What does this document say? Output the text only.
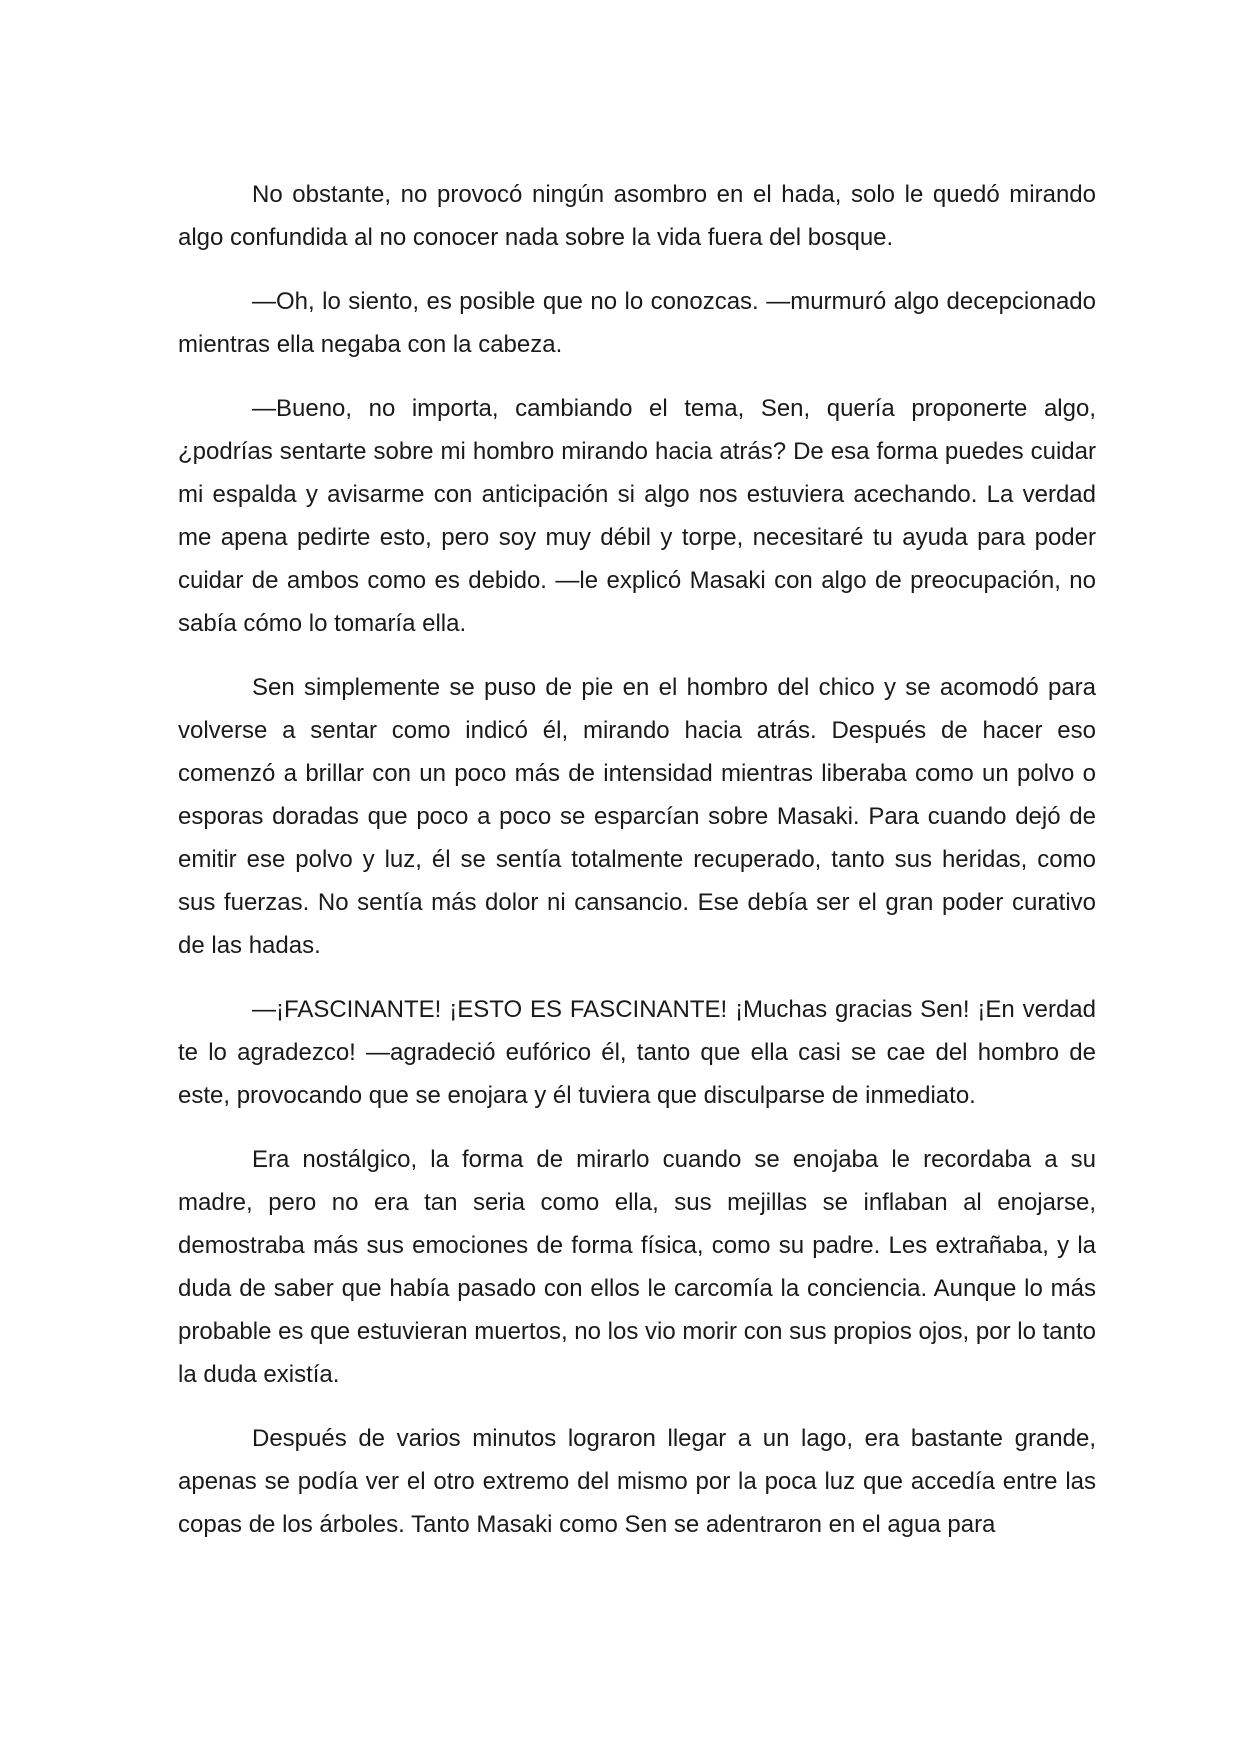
No obstante, no provocó ningún asombro en el hada, solo le quedó mirando algo confundida al no conocer nada sobre la vida fuera del bosque.

—Oh, lo siento, es posible que no lo conozcas. —murmuró algo decepcionado mientras ella negaba con la cabeza.

—Bueno, no importa, cambiando el tema, Sen, quería proponerte algo, ¿podrías sentarte sobre mi hombro mirando hacia atrás? De esa forma puedes cuidar mi espalda y avisarme con anticipación si algo nos estuviera acechando. La verdad me apena pedirte esto, pero soy muy débil y torpe, necesitaré tu ayuda para poder cuidar de ambos como es debido. —le explicó Masaki con algo de preocupación, no sabía cómo lo tomaría ella.

Sen simplemente se puso de pie en el hombro del chico y se acomodó para volverse a sentar como indicó él, mirando hacia atrás. Después de hacer eso comenzó a brillar con un poco más de intensidad mientras liberaba como un polvo o esporas doradas que poco a poco se esparcían sobre Masaki. Para cuando dejó de emitir ese polvo y luz, él se sentía totalmente recuperado, tanto sus heridas, como sus fuerzas. No sentía más dolor ni cansancio. Ese debía ser el gran poder curativo de las hadas.

—¡FASCINANTE! ¡ESTO ES FASCINANTE! ¡Muchas gracias Sen! ¡En verdad te lo agradezco! —agradeció eufórico él, tanto que ella casi se cae del hombro de este, provocando que se enojara y él tuviera que disculparse de inmediato.

Era nostálgico, la forma de mirarlo cuando se enojaba le recordaba a su madre, pero no era tan seria como ella, sus mejillas se inflaban al enojarse, demostraba más sus emociones de forma física, como su padre. Les extrañaba, y la duda de saber que había pasado con ellos le carcomía la conciencia. Aunque lo más probable es que estuvieran muertos, no los vio morir con sus propios ojos, por lo tanto la duda existía.

Después de varios minutos lograron llegar a un lago, era bastante grande, apenas se podía ver el otro extremo del mismo por la poca luz que accedía entre las copas de los árboles. Tanto Masaki como Sen se adentraron en el agua para
